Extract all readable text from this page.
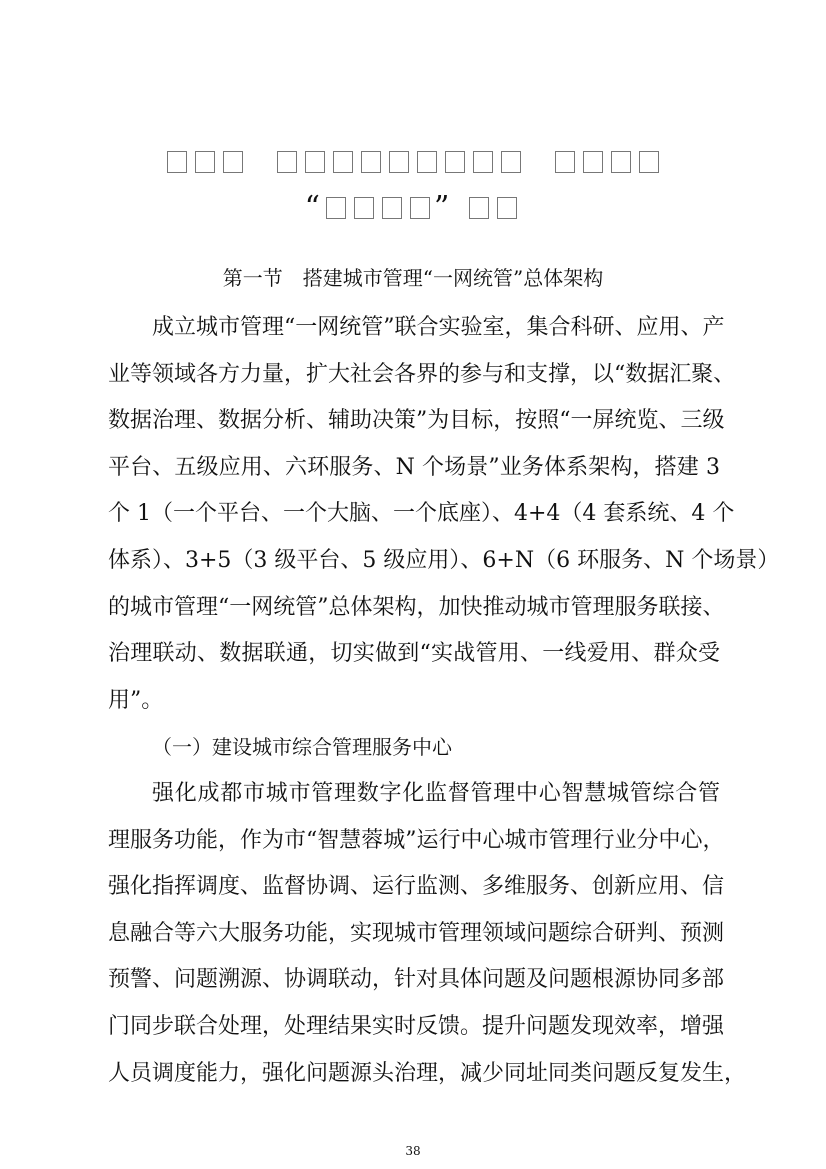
“	”
第一节　搭建城市管理“一网统管”总体架构
成立城市管理“一网统管”联合实验室，集合科研、应用、产
业等领域各方力量，扩大社会各界的参与和支撑，以“数据汇聚、
数据治理、数据分析、辅助决策”为目标，按照“一屏统览、三级
平台、五级应用、六环服务、N 个场景”业务体系架构，搭建 3
个 1（一个平台、一个大脑、一个底座）、4+4（4 套系统、4 个
体系）、3+5（3 级平台、5 级应用）、6+N（6 环服务、N 个场景）
的城市管理“一网统管”总体架构，加快推动城市管理服务联接、
治理联动、数据联通，切实做到“实战管用、一线爱用、群众受
用”。
（一）建设城市综合管理服务中心
强化成都市城市管理数字化监督管理中心智慧城管综合管
理服务功能，作为市“智慧蓉城”运行中心城市管理行业分中心，
强化指挥调度、监督协调、运行监测、多维服务、创新应用、信
息融合等六大服务功能，实现城市管理领域问题综合研判、预测
预警、问题溯源、协调联动，针对具体问题及问题根源协同多部
门同步联合处理，处理结果实时反馈。提升问题发现效率，增强
人员调度能力，强化问题源头治理，减少同址同类问题反复发生，
38
